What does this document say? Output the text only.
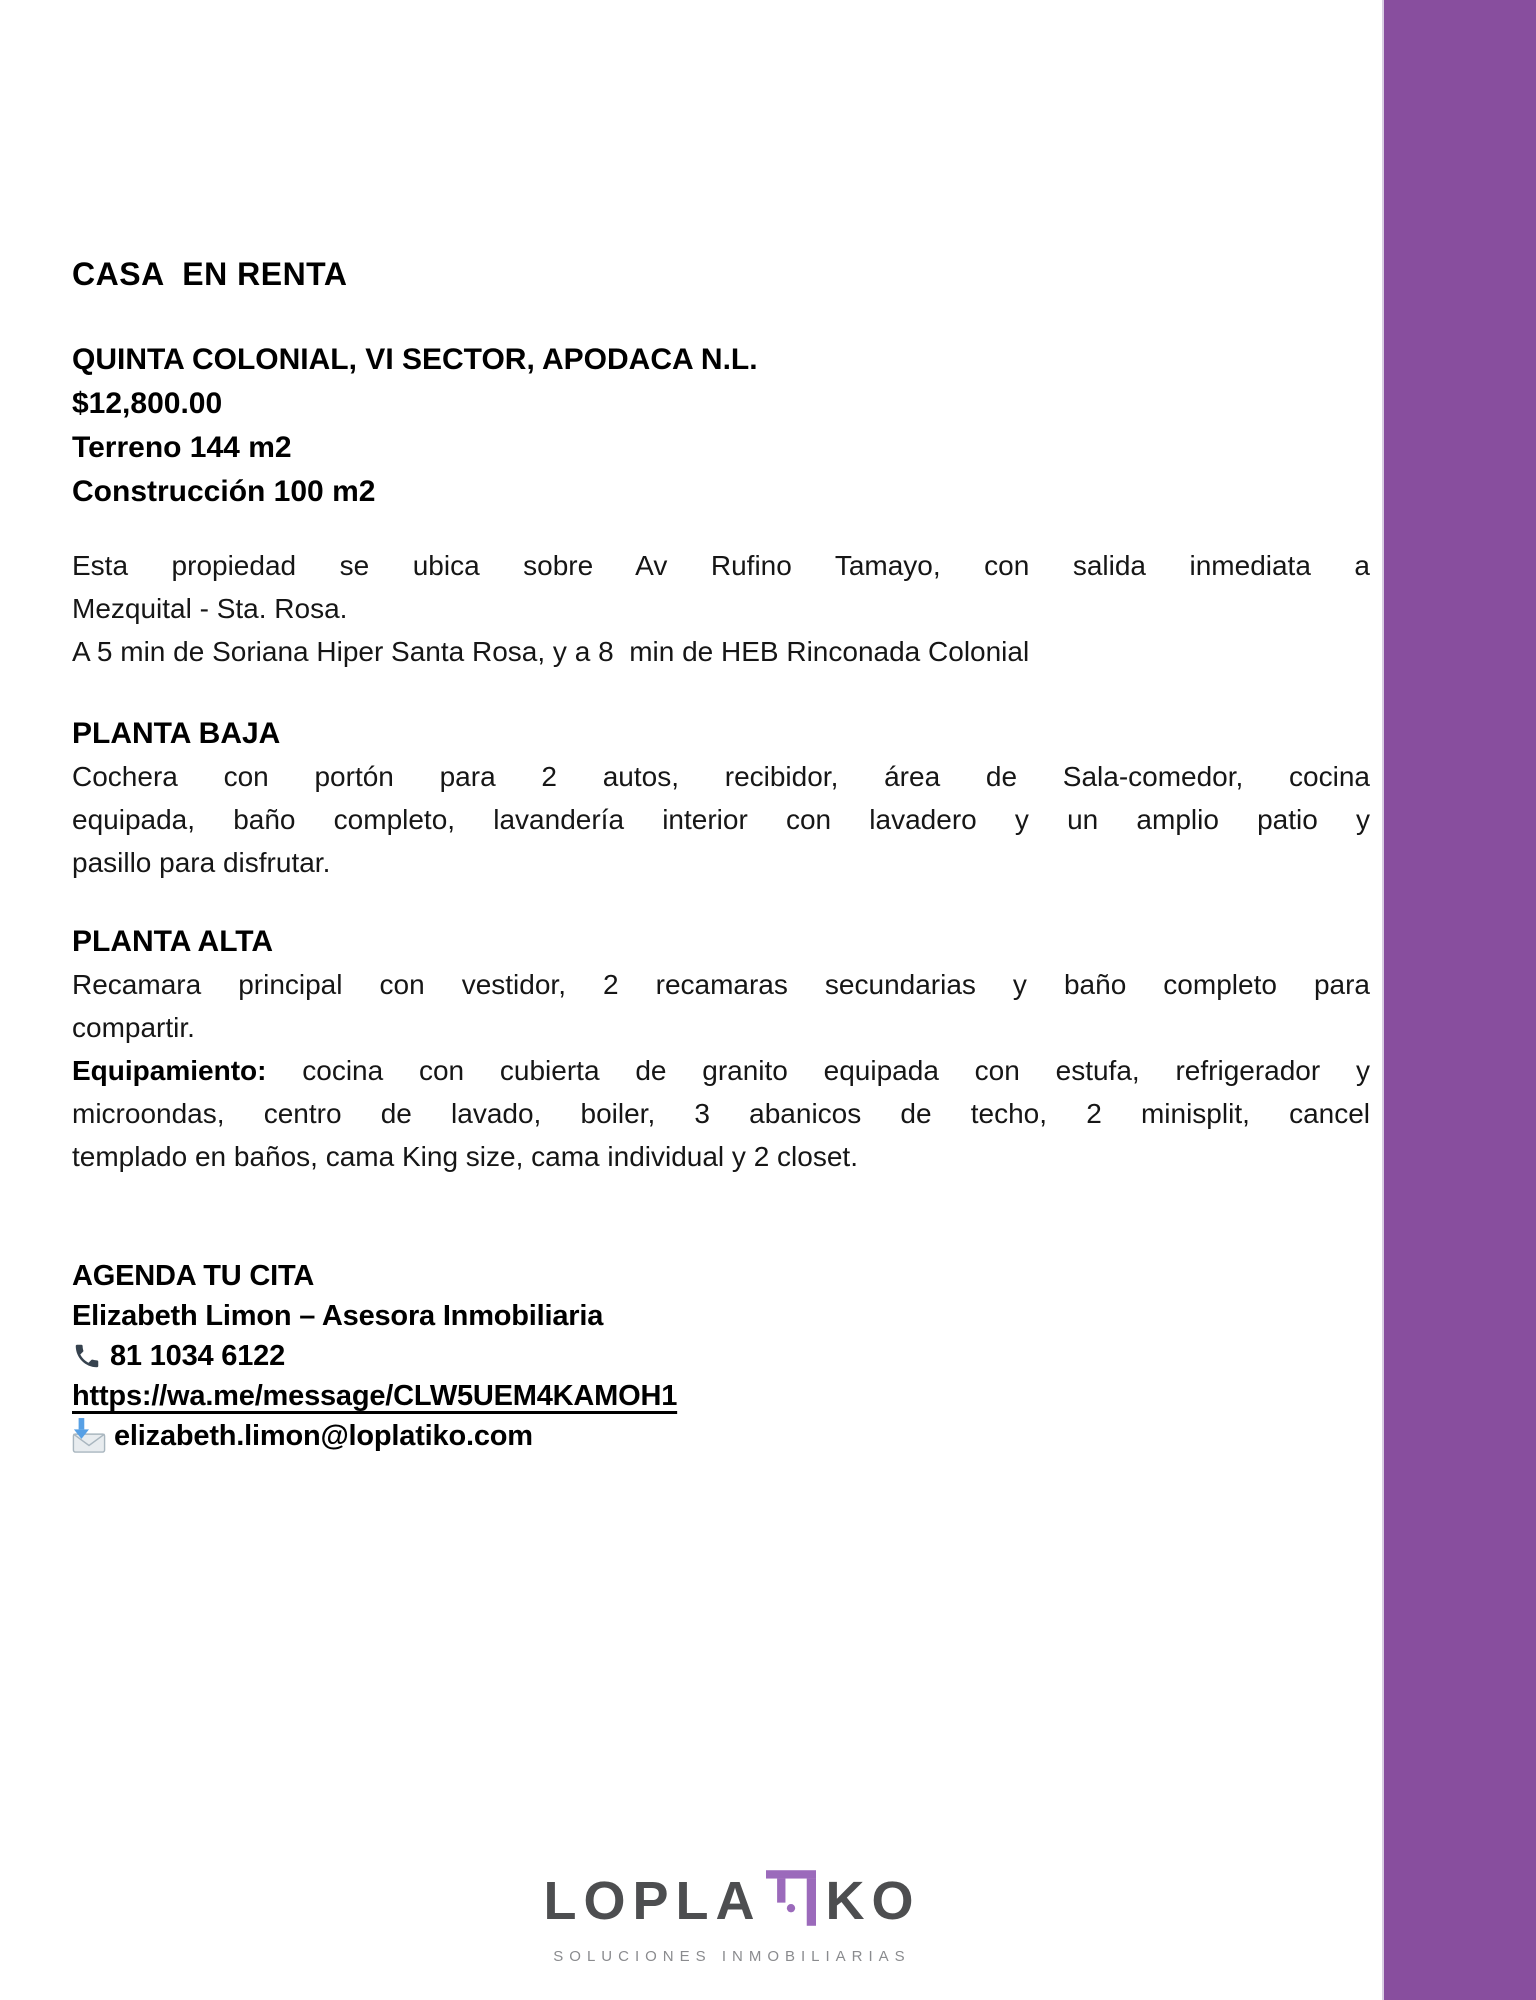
CASA  EN RENTA
QUINTA COLONIAL, VI SECTOR, APODACA N.L.
$12,800.00
Terreno 144 m2
Construcción 100 m2
Esta propiedad se ubica sobre Av Rufino Tamayo, con salida inmediata a
Mezquital - Sta. Rosa.
A 5 min de Soriana Hiper Santa Rosa, y a 8  min de HEB Rinconada Colonial
PLANTA BAJA
Cochera con portón para 2 autos, recibidor, área de Sala-comedor, cocina
equipada, baño completo, lavandería interior con lavadero y un amplio patio y
pasillo para disfrutar.
PLANTA ALTA
Recamara principal con vestidor, 2 recamaras secundarias y baño completo para
compartir.
Equipamiento: cocina con cubierta de granito equipada con estufa, refrigerador y
microondas, centro de lavado, boiler, 3 abanicos de techo, 2 minisplit, cancel
templado en baños, cama King size, cama individual y 2 closet.
AGENDA TU CITA
Elizabeth Limon – Asesora Inmobiliaria
81 1034 6122
https://wa.me/message/CLW5UEM4KAMOH1
elizabeth.limon@loplatiko.com
LOPLA KO
SOLUCIONES INMOBILIARIAS
